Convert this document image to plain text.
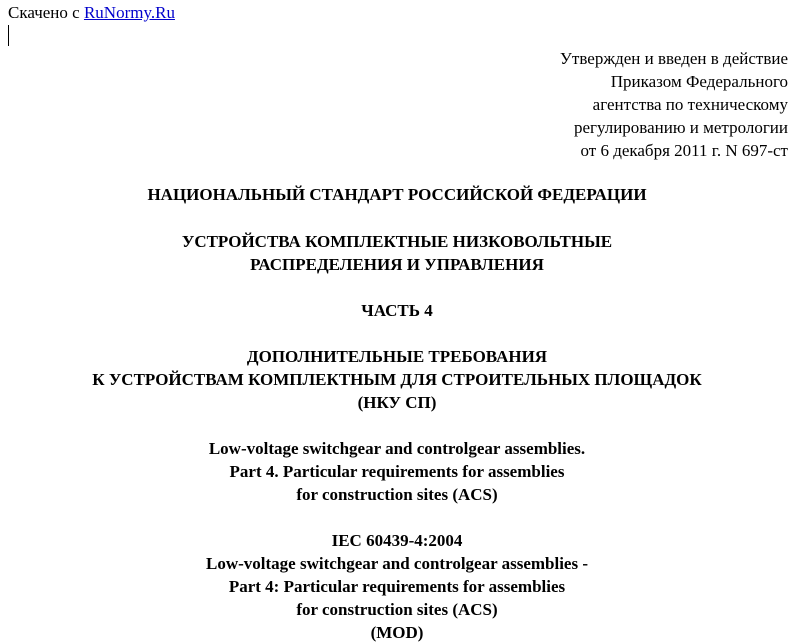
Скачено с RuNormy.Ru
Утвержден и введен в действие
Приказом Федерального
агентства по техническому
регулированию и метрологии
от 6 декабря 2011 г. N 697-ст
НАЦИОНАЛЬНЫЙ СТАНДАРТ РОССИЙСКОЙ ФЕДЕРАЦИИ
УСТРОЙСТВА КОМПЛЕКТНЫЕ НИЗКОВОЛЬТНЫЕ
РАСПРЕДЕЛЕНИЯ И УПРАВЛЕНИЯ
ЧАСТЬ 4
ДОПОЛНИТЕЛЬНЫЕ ТРЕБОВАНИЯ
К УСТРОЙСТВАМ КОМПЛЕКТНЫМ ДЛЯ СТРОИТЕЛЬНЫХ ПЛОЩАДОК
(НКУ СП)
Low-voltage switchgear and controlgear assemblies.
Part 4. Particular requirements for assemblies
for construction sites (ACS)
IEC 60439-4:2004
Low-voltage switchgear and controlgear assemblies -
Part 4: Particular requirements for assemblies
for construction sites (ACS)
(MOD)
